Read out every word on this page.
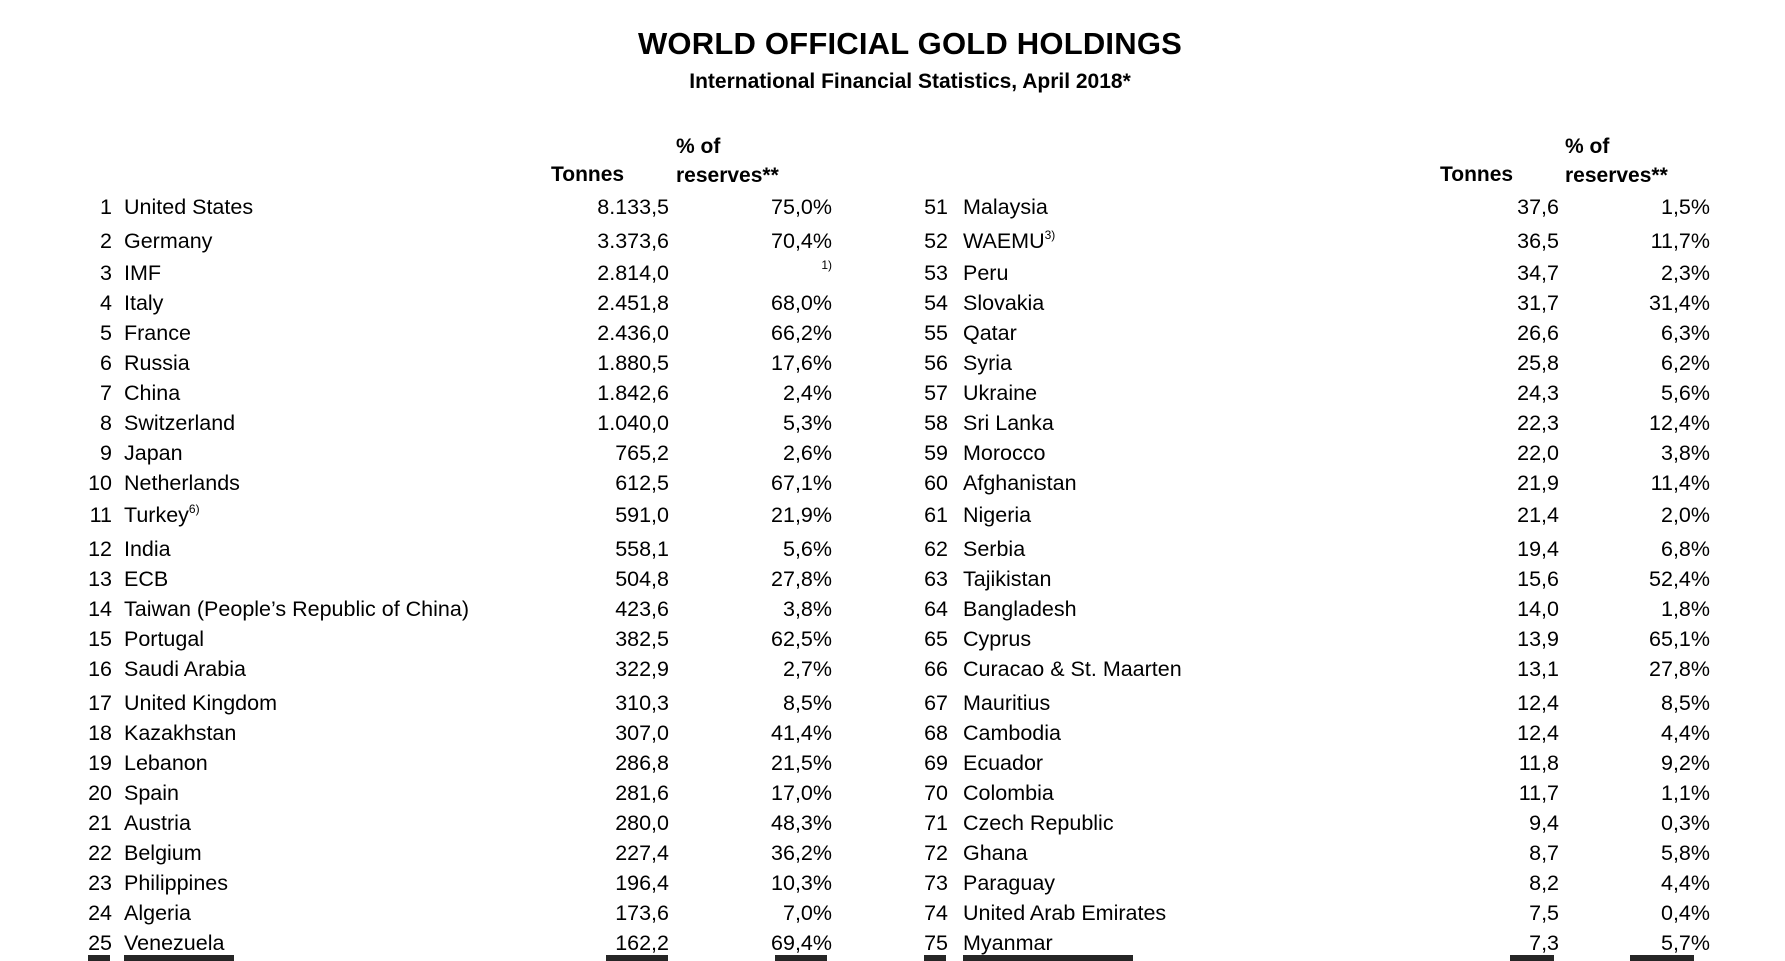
WORLD OFFICIAL GOLD HOLDINGS
International Financial Statistics, April 2018*
Tonnes
% of
reserves**	Tonnes
% of
reserves**
1 United States	8.133,5	75,0%
2 Germany	3.373,6	70,4%
3 IMF	2.814,0	$^{1)}$
4 Italy	2.451,8	68,0%
5 France	2.436,0	66,2%
6 Russia	1.880,5	17,6%
7 China	1.842,6	2,4%
8 Switzerland	1.040,0	5,3%
9 Japan	765,2	2,6%
10 Netherlands	612,5	67,1%
11 Turkey$^{6)}$	591,0	21,9%
12 India	558,1	5,6%
13 ECB	504,8	27,8%
14 Taiwan (People’s Republic of China)	423,6	3,8%
15 Portugal	382,5	62,5%
16 Saudi Arabia	322,9	2,7%
17 United Kingdom	310,3	8,5%
18 Kazakhstan	307,0	41,4%
19 Lebanon	286,8	21,5%
20 Spain	281,6	17,0%
21 Austria	280,0	48,3%
22 Belgium	227,4	36,2%
23 Philippines	196,4	10,3%
24 Algeria	173,6	7,0%
25 Venezuela	162,2	69,4%
51 Malaysia	37,6	1,5%
52 WAEMU$^{3)}$	36,5	11,7%
53 Peru	34,7	2,3%
54 Slovakia	31,7	31,4%
55 Qatar	26,6	6,3%
56 Syria	25,8	6,2%
57 Ukraine	24,3	5,6%
58 Sri Lanka	22,3	12,4%
59 Morocco	22,0	3,8%
60 Afghanistan	21,9	11,4%
61 Nigeria	21,4	2,0%
62 Serbia	19,4	6,8%
63 Tajikistan	15,6	52,4%
64 Bangladesh	14,0	1,8%
65 Cyprus	13,9	65,1%
66 Curacao & St. Maarten	13,1	27,8%
67 Mauritius	12,4	8,5%
68 Cambodia	12,4	4,4%
69 Ecuador	11,8	9,2%
70 Colombia	11,7	1,1%
71 Czech Republic	9,4	0,3%
72 Ghana	8,7	5,8%
73 Paraguay	8,2	4,4%
74 United Arab Emirates	7,5	0,4%
75 Myanmar	7,3	5,7%
